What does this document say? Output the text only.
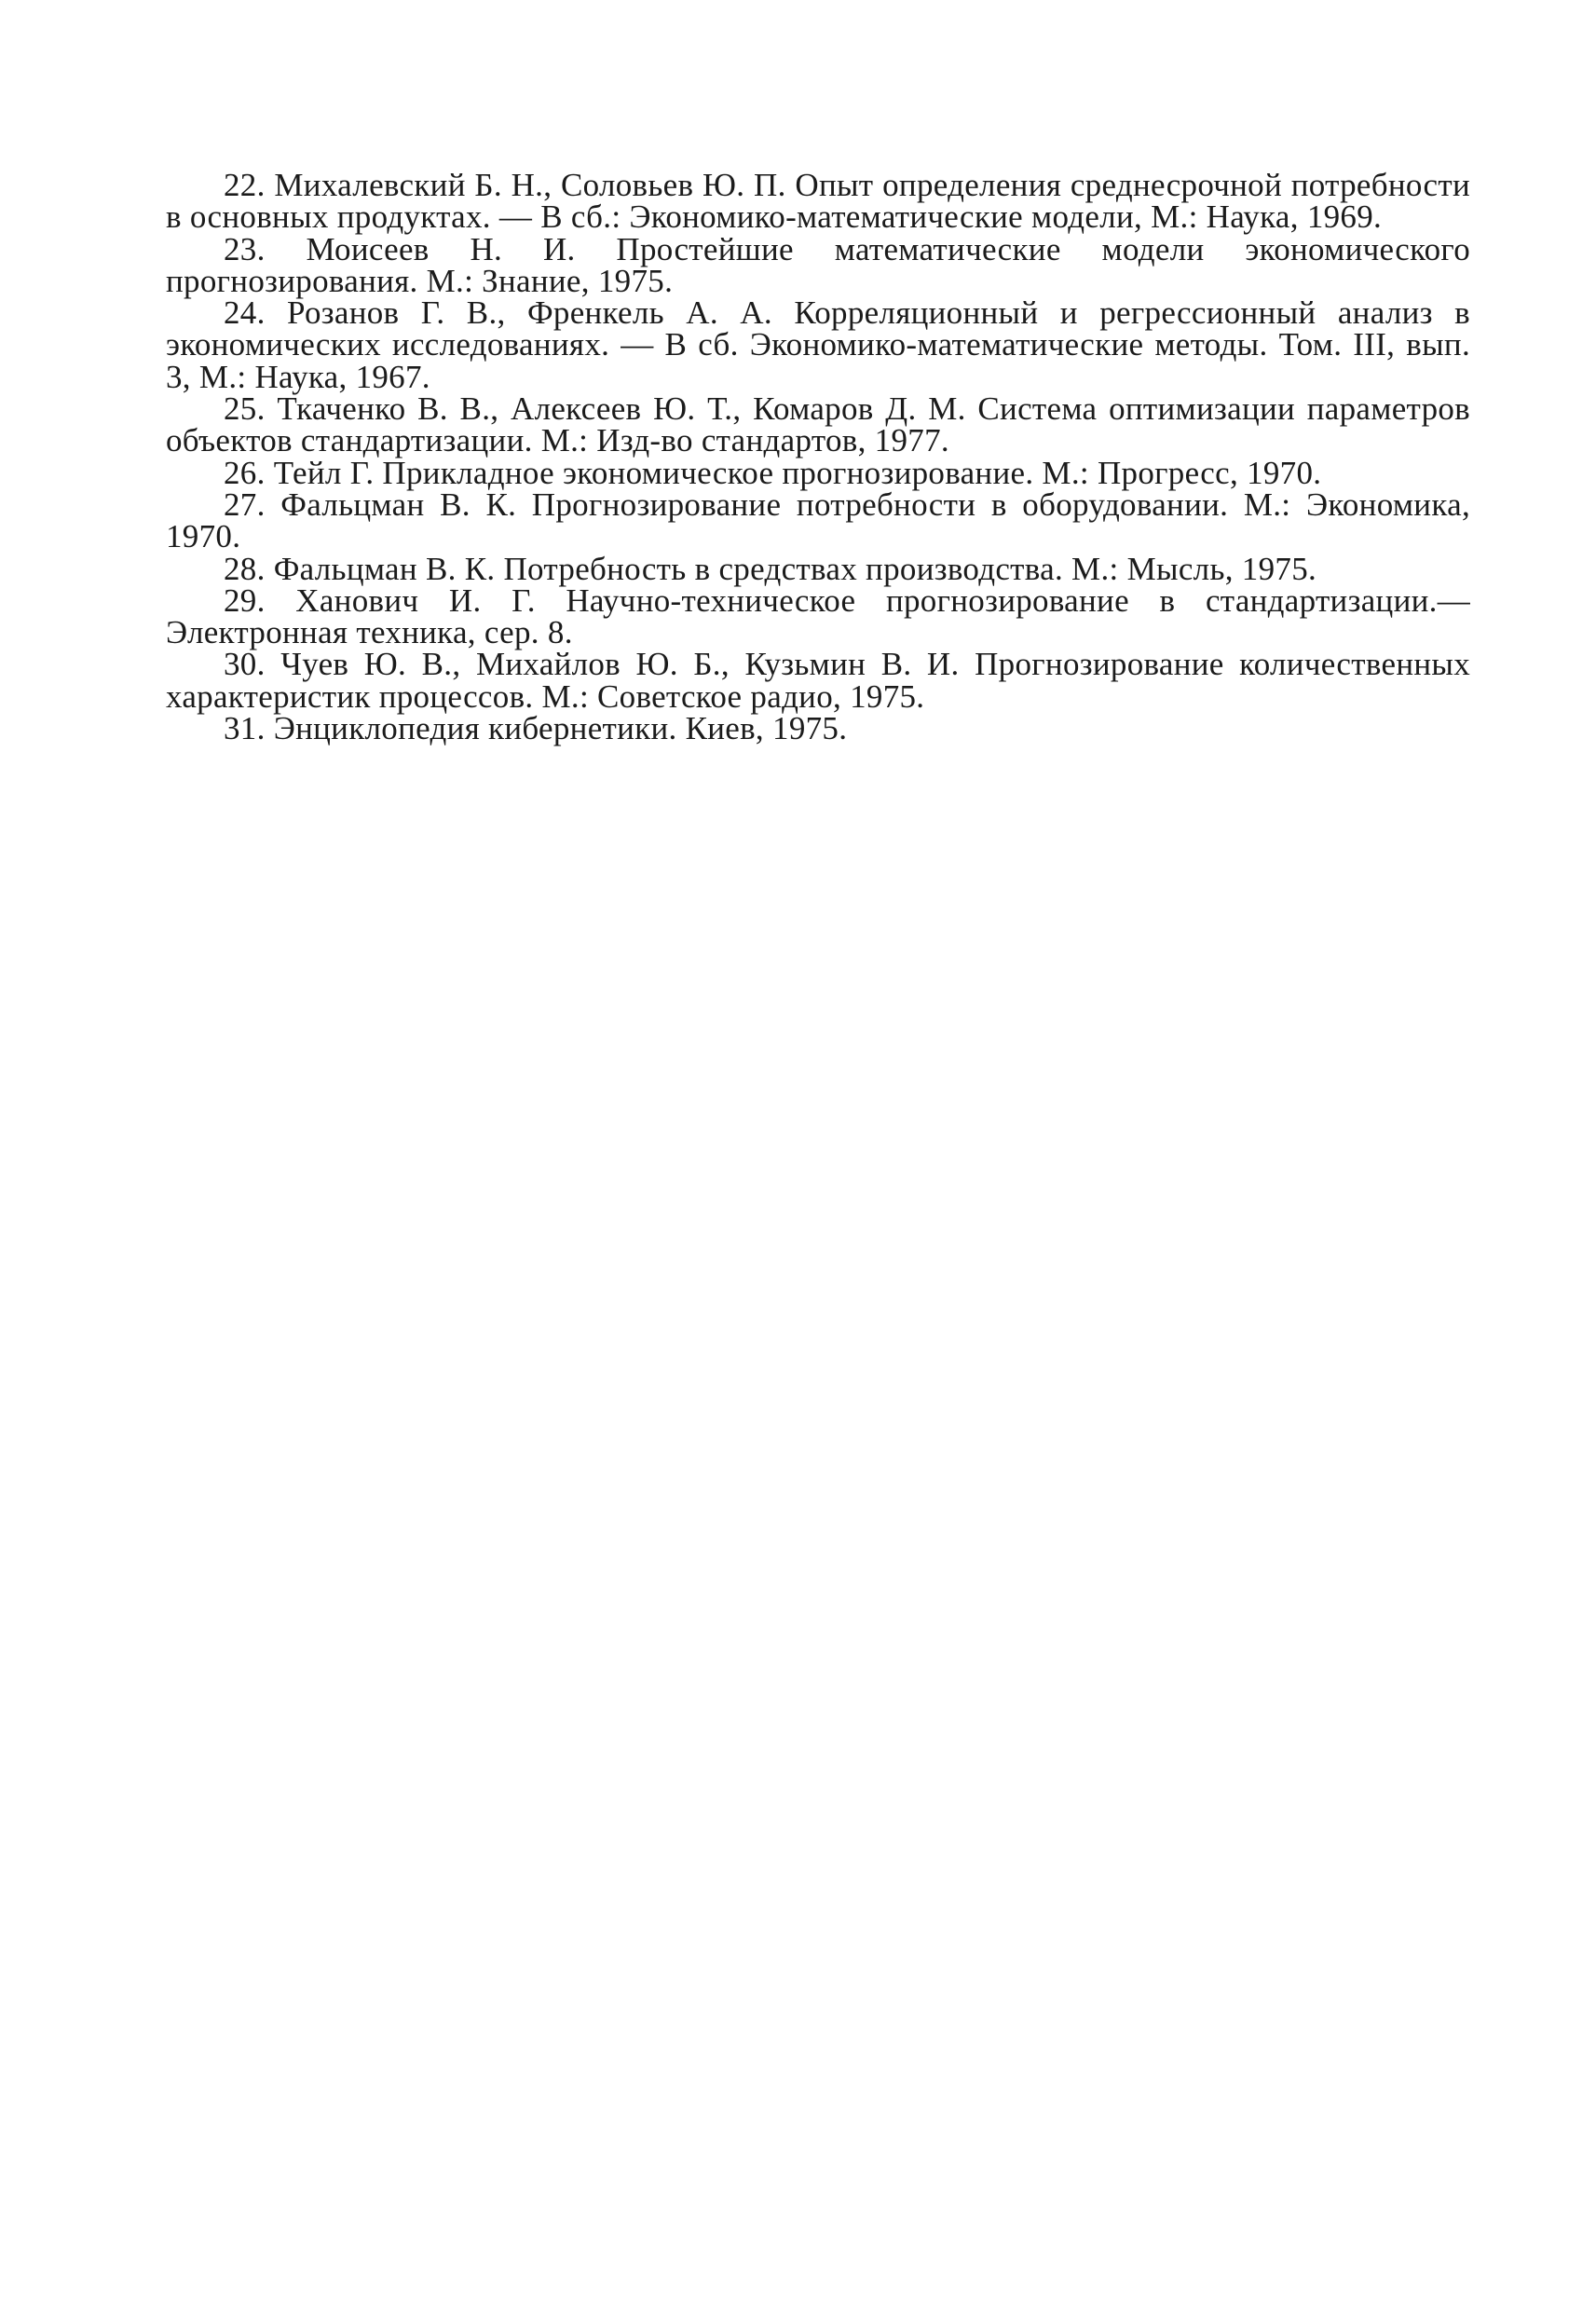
22. Михалевский Б. Н., Соловьев Ю. П. Опыт определения среднесрочной потребности в основных продуктах. — В сб.: Экономико-математические модели, М.: Наука, 1969.
23. Моисеев Н. И. Простейшие математические модели экономического прогнозирования. М.: Знание, 1975.
24. Розанов Г. В., Френкель А. А. Корреляционный и регрессионный анализ в экономических исследованиях. — В сб. Экономико-математические методы. Том. III, вып. 3, М.: Наука, 1967.
25. Ткаченко В. В., Алексеев Ю. Т., Комаров Д. М. Система оптимизации параметров объектов стандартизации. М.: Изд-во стандартов, 1977.
26. Тейл Г. Прикладное экономическое прогнозирование. М.: Прогресс, 1970.
27. Фальцман В. К. Прогнозирование потребности в оборудовании. М.: Экономика, 1970.
28. Фальцман В. К. Потребность в средствах производства. М.: Мысль, 1975.
29. Ханович И. Г. Научно-техническое прогнозирование в стандартизации.— Электронная техника, сер. 8.
30. Чуев Ю. В., Михайлов Ю. Б., Кузьмин В. И. Прогнозирование количественных характеристик процессов. М.: Советское радио, 1975.
31. Энциклопедия кибернетики. Киев, 1975.
